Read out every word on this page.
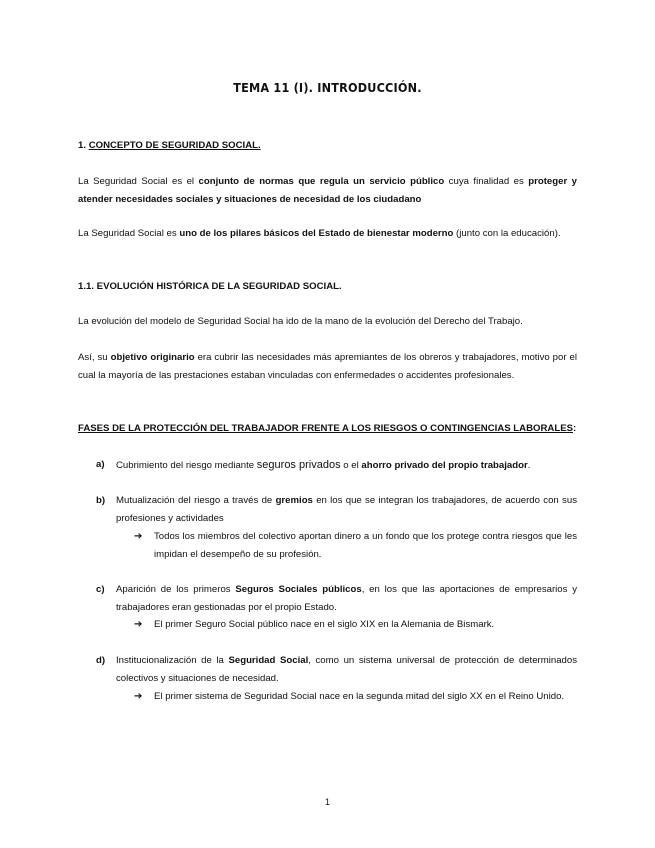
TEMA 11 (I). INTRODUCCIÓN.

1. CONCEPTO DE SEGURIDAD SOCIAL.

La Seguridad Social es el conjunto de normas que regula un servicio público cuya finalidad es proteger y atender necesidades sociales y situaciones de necesidad de los ciudadano

La Seguridad Social es uno de los pilares básicos del Estado de bienestar moderno (junto con la educación).

1.1. EVOLUCIÓN HISTÓRICA DE LA SEGURIDAD SOCIAL.

La evolución del modelo de Seguridad Social ha ido de la mano de la evolución del Derecho del Trabajo.

Así, su objetivo originario era cubrir las necesidades más apremiantes de los obreros y trabajadores, motivo por el cual la mayoría de las prestaciones estaban vinculadas con enfermedades o accidentes profesionales.

FASES DE LA PROTECCIÓN DEL TRABAJADOR FRENTE A LOS RIESGOS O CONTINGENCIAS LABORALES:

a) Cubrimiento del riesgo mediante seguros privados o el ahorro privado del propio trabajador.
b) Mutualización del riesgo a través de gremios en los que se integran los trabajadores, de acuerdo con sus profesiones y actividades
➔ Todos los miembros del colectivo aportan dinero a un fondo que los protege contra riesgos que les impidan el desempeño de su profesión.
c) Aparición de los primeros Seguros Sociales públicos, en los que las aportaciones de empresarios y trabajadores eran gestionadas por el propio Estado.
➔ El primer Seguro Social público nace en el siglo XIX en la Alemania de Bismark.
d) Institucionalización de la Seguridad Social, como un sistema universal de protección de determinados colectivos y situaciones de necesidad.
➔ El primer sistema de Seguridad Social nace en la segunda mitad del siglo XX en el Reino Unido.
1
